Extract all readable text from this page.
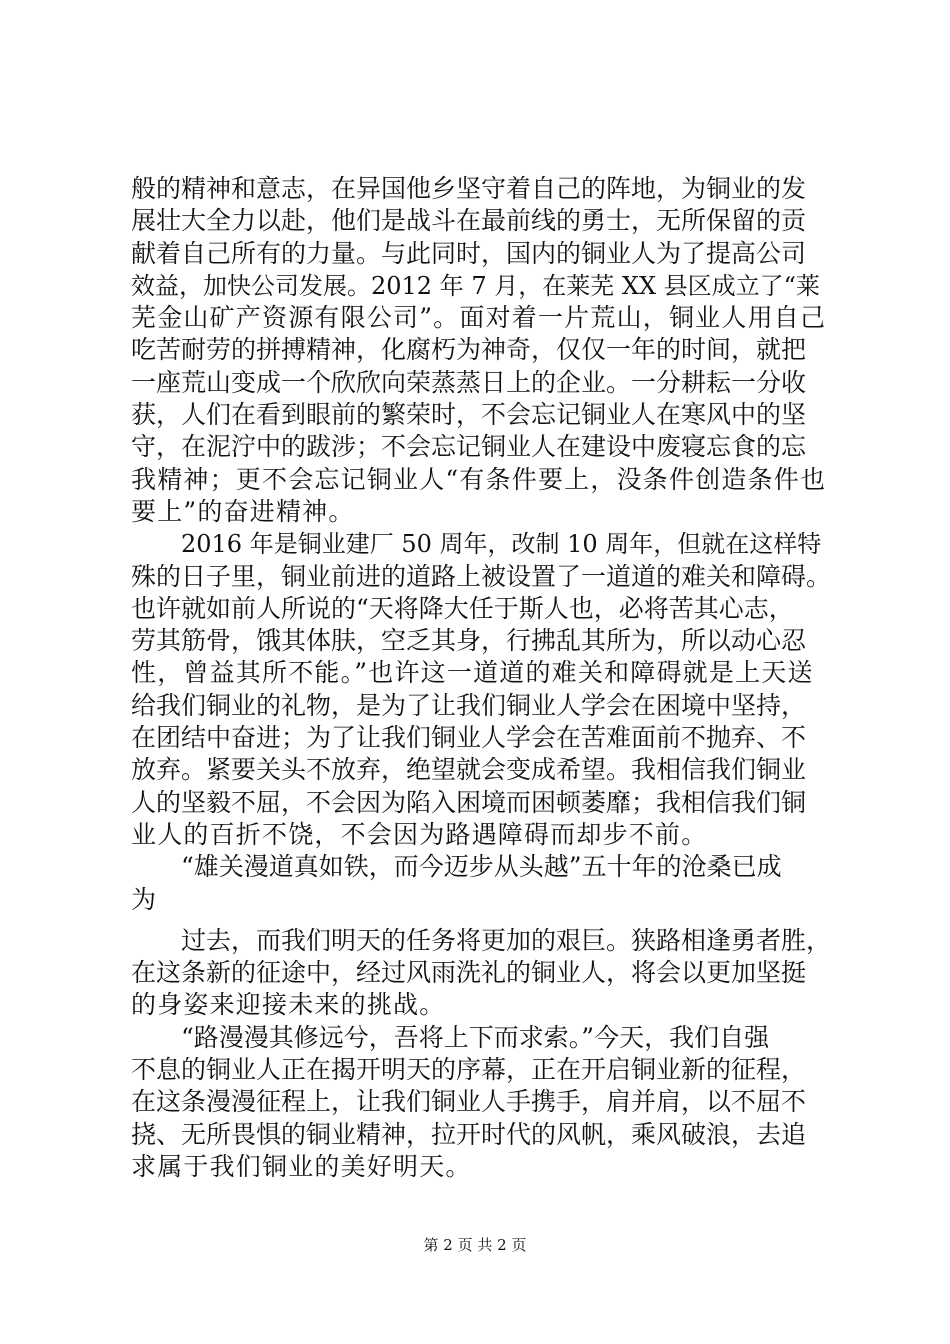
般的精神和意志，在异国他乡坚守着自己的阵地，为铜业的发

展壮大全力以赴，他们是战斗在最前线的勇士，无所保留的贡

献着自己所有的力量。与此同时，国内的铜业人为了提高公司

效益，加快公司发展。2012 年 7 月，在莱芜 XX 县区成立了“莱

芜金山矿产资源有限公司”。面对着一片荒山，铜业人用自己

吃苦耐劳的拼搏精神，化腐朽为神奇，仅仅一年的时间，就把

一座荒山变成一个欣欣向荣蒸蒸日上的企业。一分耕耘一分收

获，人们在看到眼前的繁荣时，不会忘记铜业人在寒风中的坚

守，在泥泞中的跋涉；不会忘记铜业人在建设中废寝忘食的忘

我精神；更不会忘记铜业人“有条件要上，没条件创造条件也

要上”的奋进精神。

2016 年是铜业建厂 50 周年，改制 10 周年，但就在这样特

殊的日子里，铜业前进的道路上被设置了一道道的难关和障碍。

也许就如前人所说的“天将降大任于斯人也，必将苦其心志，

劳其筋骨，饿其体肤，空乏其身，行拂乱其所为，所以动心忍

性，曾益其所不能。”也许这一道道的难关和障碍就是上天送

给我们铜业的礼物，是为了让我们铜业人学会在困境中坚持，

在团结中奋进；为了让我们铜业人学会在苦难面前不抛弃、不

放弃。紧要关头不放弃，绝望就会变成希望。我相信我们铜业

人的坚毅不屈，不会因为陷入困境而困顿萎靡；我相信我们铜

业人的百折不饶，不会因为路遇障碍而却步不前。

“雄关漫道真如铁，而今迈步从头越”五十年的沧桑已成

为

过去，而我们明天的任务将更加的艰巨。狭路相逢勇者胜，

在这条新的征途中，经过风雨洗礼的铜业人，将会以更加坚挺

的身姿来迎接未来的挑战。

“路漫漫其修远兮，吾将上下而求索。”今天，我们自强

不息的铜业人正在揭开明天的序幕，正在开启铜业新的征程，

在这条漫漫征程上，让我们铜业人手携手，肩并肩，以不屈不

挠、无所畏惧的铜业精神，拉开时代的风帆，乘风破浪，去追

求属于我们铜业的美好明天。

第 2 页 共 2 页
